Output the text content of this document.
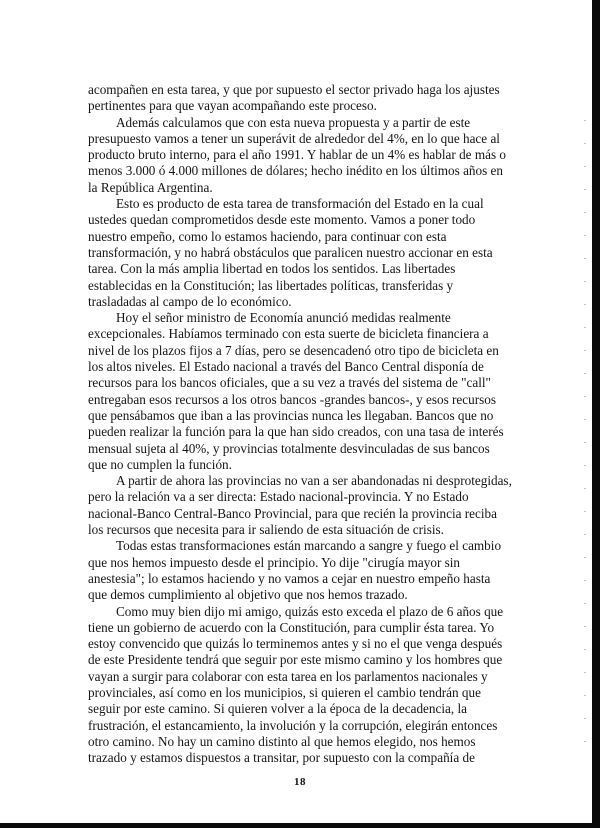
acompañen en esta tarea, y que por supuesto el sector privado haga los ajustes pertinentes para que vayan acompañando este proceso.

Además calculamos que con esta nueva propuesta y a partir de este presupuesto vamos a tener un superávit de alrededor del 4%, en lo que hace al producto bruto interno, para el año 1991. Y hablar de un 4% es hablar de más o menos 3.000 ó 4.000 millones de dólares; hecho inédito en los últimos años en la República Argentina.

Esto es producto de esta tarea de transformación del Estado en la cual ustedes quedan comprometidos desde este momento. Vamos a poner todo nuestro empeño, como lo estamos haciendo, para continuar con esta transformación, y no habrá obstáculos que paralicen nuestro accionar en esta tarea. Con la más amplia libertad en todos los sentidos. Las libertades establecidas en la Constitución; las libertades políticas, transferidas y trasladadas al campo de lo económico.

Hoy el señor ministro de Economía anunció medidas realmente excepcionales. Habíamos terminado con esta suerte de bicicleta financiera a nivel de los plazos fijos a 7 días, pero se desencadenó otro tipo de bicicleta en los altos niveles. El Estado nacional a través del Banco Central disponía de recursos para los bancos oficiales, que a su vez a través del sistema de "call" entregaban esos recursos a los otros bancos -grandes bancos-, y esos recursos que pensábamos que iban a las provincias nunca les llegaban. Bancos que no pueden realizar la función para la que han sido creados, con una tasa de interés mensual sujeta al 40%, y provincias totalmente desvinculadas de sus bancos que no cumplen la función.

A partir de ahora las provincias no van a ser abandonadas ni desprotegidas, pero la relación va a ser directa: Estado nacional-provincia. Y no Estado nacional-Banco Central-Banco Provincial, para que recién la provincia reciba los recursos que necesita para ir saliendo de esta situación de crisis.

Todas estas transformaciones están marcando a sangre y fuego el cambio que nos hemos impuesto desde el principio. Yo dije "cirugía mayor sin anestesia"; lo estamos haciendo y no vamos a cejar en nuestro empeño hasta que demos cumplimiento al objetivo que nos hemos trazado.

Como muy bien dijo mi amigo, quizás esto exceda el plazo de 6 años que tiene un gobierno de acuerdo con la Constitución, para cumplir ésta tarea. Yo estoy convencido que quizás lo terminemos antes y si no el que venga después de este Presidente tendrá que seguir por este mismo camino y los hombres que vayan a surgir para colaborar con esta tarea en los parlamentos nacionales y provinciales, así como en los municipios, si quieren el cambio tendrán que seguir por este camino. Si quieren volver a la época de la decadencia, la frustración, el estancamiento, la involución y la corrupción, elegirán entonces otro camino. No hay un camino distinto al que hemos elegido, nos hemos trazado y estamos dispuestos a transitar, por supuesto con la compañía de

18
